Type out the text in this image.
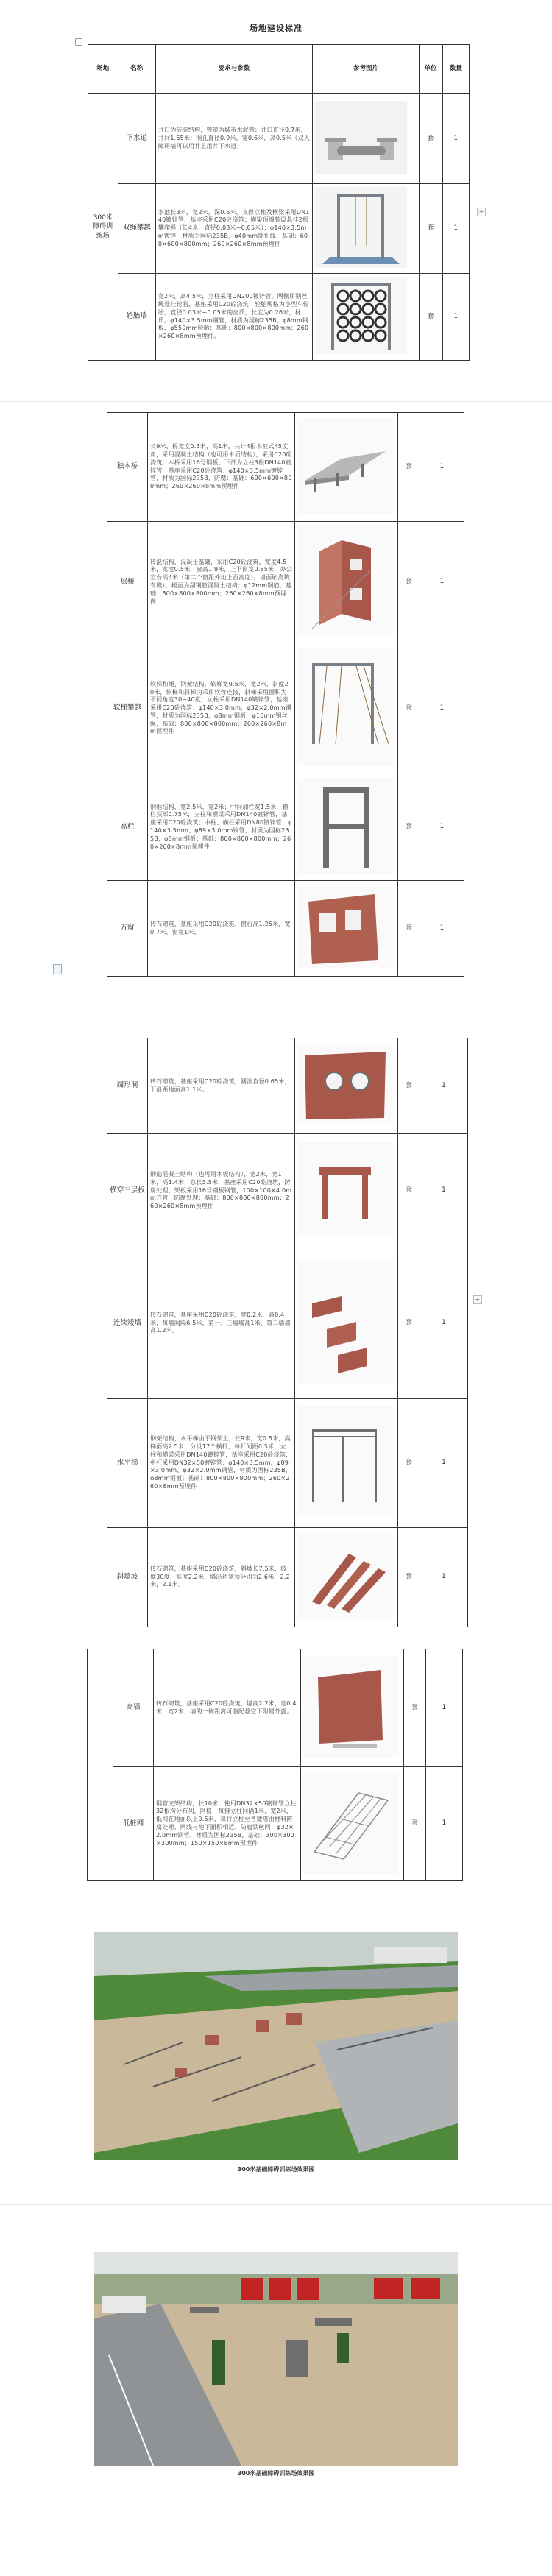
场地建设标准
+
场地	名称	要求与参数	参考图片	单位	数量
300米障碍训练场	下水道	井口为砖混结构，管道为城市水泥管；井口直径0.7米，井间1.65米；洞孔直径0.9米，宽0.6米，高0.5米（双人障碍墙可以用井上用井下水道）		套	1
	双绳攀越	水池长3米，宽2米，深0.5米，支撑立柱及横梁采用DN140镀锌管，基座采用C20砼浇筑；横梁顶端装设悬挂2根攀爬绳（长4米，直径0.03米~0.05米）；φ140×3.5mm镀锌，材质为国标235B，φ40mm绑扎线；基础：600×600×800mm；260×260×8mm预埋件		套	1
	轮胎墙	宽2米，高4.5米，立柱采用DN200镀锌管，两侧用钢丝绳悬挂轮胎，基座采用C20砼浇筑；轮胎规格为小型车轮胎，直径0.03米~0.05米的皮质，长度为0.26米，材质。φ140×3.5mm钢管，材质为国标235B，φ8mm钢板，φ550mm轮胎；基础：800×800×800mm；260×260×8mm预埋件。		套	1
独木桥	长9米，桥宽度0.3米，高1米，共计4根木桩式45度角，采用混凝土结构（也可用木质结构），采用C20砼浇筑；木桥采用16号钢板，下部为立柱3根DN140镀锌管，基座采用C20砼浇筑；φ140×3.5mm镀锌管，材质为国标235B，防腐：基础：600×600×800mm；260×260×8mm预埋件		套	1
层楼	砖混结构，混凝土基础，采用C20砼浇筑，宽度4.5米，宽度0.5米，窗高1.9米，上下窗宽0.85米，办公室台高4米（第二个窗距外地上面高度），墙面刷浇筑有膜），楼面为刮钢筋混凝土结构；φ12mm钢筋，基础：800×800×800mm；260×260×8mm预埋件		套	1
软梯攀越	软梯和绳、钢架结构，软梯宽0.5米，宽2米，斜度20米，软梯和斜梯为采用软管连接，斜梯采用面积为不同角度30~40度，立柱采用DN140镀锌管，基座采用C20砼浇筑；φ140×3.0mm，φ32×2.0mm钢管，材质为国标235B，φ8mm钢板，φ10mm钢丝绳，基础：800×800×800mm；260×260×8mm预埋件		套	1
高栏	钢框结构，宽2.5米，宽2米；中间加栏宽1.5米，横栏顶部0.75米，立柱和横梁采用DN140镀锌管，基座采用C20砼浇筑；中柱、横栏采用DN80镀锌管；φ140×3.5mm、φ89×3.0mm钢管，材质为国标235B，φ8mm钢板；基础：800×800×800mm；260×260×8mm预埋件		套	1
方窗	砖石砌筑，基座采用C20砼浇筑，窗台高1.25米，宽0.7米，窗宽1米。		套	1
圆形洞	砖石砌筑，基座采用C20砼浇筑，圆洞直径0.65米，下沿距地面高1.1米。		套	1
横穿三层板	钢筋混凝土结构（也可用木板结构），宽2米，宽1米，高1.4米，总长3.5米，基座采用C20砼浇筑，防腐处理，架板采用16号钢板钢管，100×100×4.0mm方管，防腐处理；基础：800×800×800mm；260×260×8mm预埋件		套	1
连续矮墙	砖石砌筑，基座采用C20砼浇筑，宽0.2米，高0.4米，每墙间隔6.5米，第一、三墙墙高1米，第二墙墙高1.2米。		套	1
水平梯	钢架结构，水平梯由于钢架上，长9米，宽0.5米，高梯面高2.5米，分设17个横杆，每杆间距0.5米，立柱和横梁采用DN140镀锌管，基座采用C20砼浇筑，中杆采用DN32×50镀锌管；φ140×3.5mm，φ89×3.0mm、φ32×2.0mm钢管，材质为国标235B，φ8mm钢板；基础：800×800×800mm；260×260×8mm预埋件		套	1
斜墙坡	砖石砌筑，基座采用C20砼浇筑，斜坡长7.5米，坡度30度，高度2.2米，墙沿边宽须分别为2.6米，2.2米，2.1米。		套	1
+
	高墙	砖石砌筑，基座采用C20砼浇筑，墙高2.2米，宽0.4米，宽2米，墙的一侧距离可装配悬空下附属外露。		套	1
	低桩网	钢管支架结构，长10米，使用DN32×50镀锌管立柱32根均分布列，网格，每排立柱间隔1米，宽2米，低网在地面以上0.6米，每行立柱至各矮塔由材料防腐处理，网线与地下面积相近，防腐铁丝网；φ32×2.0mm钢管，材质为国标235B，基础：300×300×300mm；150×150×8mm预埋件		套	1
300米基础障碍训练场效果图
300米基础障碍训练场效果图
